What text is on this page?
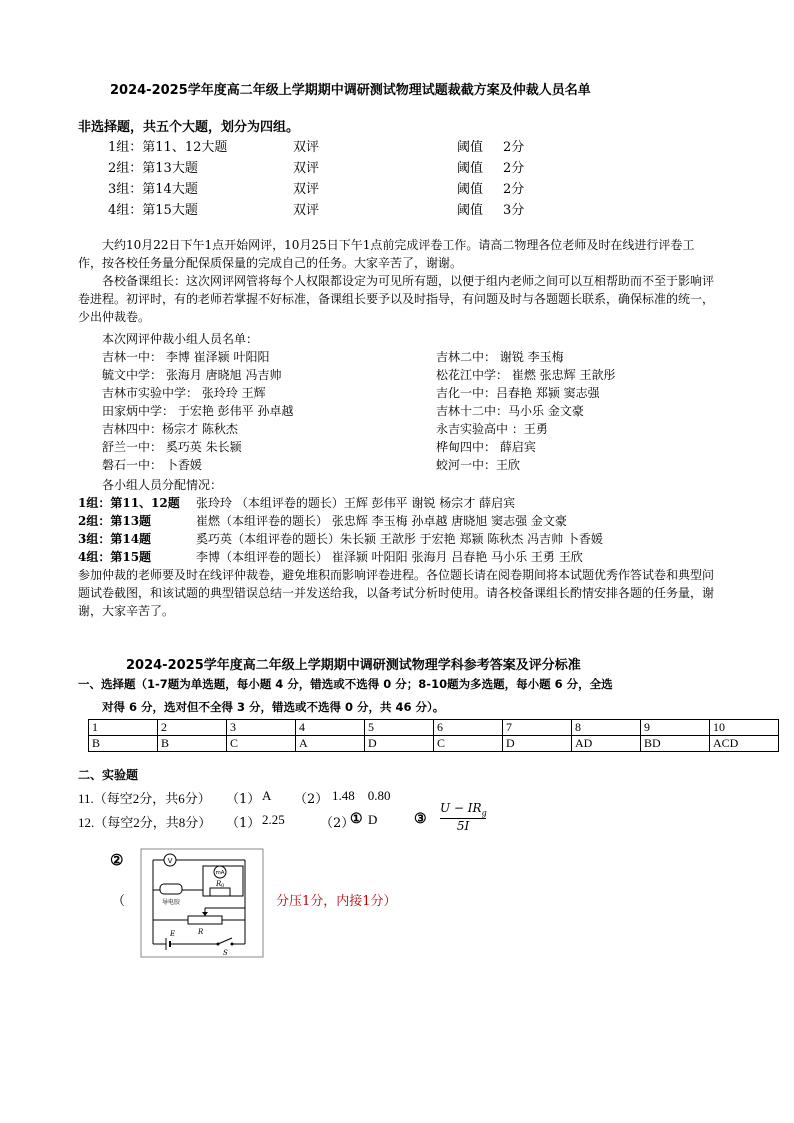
2024-2025学年度高二年级上学期期中调研测试物理试题裁截方案及仲裁人员名单
非选择题，共五个大题，划分为四组。
1组：第11、12大题	双评	阈值 2分
2组：第13大题	双评	阈值 2分
3组：第14大题	双评	阈值 2分
4组：第15大题	双评	阈值 3分
大约10月22日下午1点开始网评，10月25日下午1点前完成评卷工作。请高二物理各位老师及时在线进行评卷工作，按各校任务量分配保质保量的完成自己的任务。大家辛苦了，谢谢。
各校备课组长：这次网评网管将每个人权限都设定为可见所有题，以便于组内老师之间可以互相帮助而不至于影响评卷进程。初评时，有的老师若掌握不好标准，备课组长要予以及时指导，有问题及时与各题题长联系，确保标准的统一，少出仲裁卷。
本次网评仲裁小组人员名单：
吉林一中： 李博 崔泽颍 叶阳阳
毓文中学： 张海月 唐晓旭 冯吉帅
吉林市实验中学： 张玲玲 王辉
田家炳中学： 于宏艳 彭伟平 孙卓越
吉林四中：杨宗才 陈秋杰
舒兰一中： 奚巧英 朱长颍
磐石一中： 卜香媛
吉林二中： 谢锐 李玉梅
松花江中学： 崔燃 张忠辉 王歆彤
吉化一中：吕春艳 郑颍 窦志强
吉林十二中：马小乐 金文豪
永吉实验高中 ：王勇
桦甸四中： 薛启宾
蛟河一中：王欣
各小组人员分配情况：
1组：第11、12题 张玲玲 （本组评卷的题长）王辉 彭伟平 谢锐 杨宗才 薛启宾
2组：第13题	崔燃（本组评卷的题长） 张忠辉 李玉梅 孙卓越 唐晓旭 窦志强 金文豪
3组：第14题	奚巧英（本组评卷的题长）朱长颍 王歆彤 于宏艳 郑颍 陈秋杰 冯吉帅 卜香媛
4组：第15题	李博（本组评卷的题长） 崔泽颍 叶阳阳 张海月 吕春艳 马小乐 王勇 王欣
参加仲裁的老师要及时在线评仲裁卷，避免堆积而影响评卷进程。各位题长请在阅卷期间将本试题优秀作答试卷和典型问题试卷截图，和该试题的典型错误总结一并发送给我，以备考试分析时使用。请各校备课组长酌情安排各题的任务量，谢谢，大家辛苦了。
2024-2025学年度高二年级上学期期中调研测试物理学科参考答案及评分标准
一、选择题（1-7题为单选题，每小题 4 分，错选或不选得 0 分；8-10题为多选题，每小题 6 分，全选
对得 6 分，选对但不全得 3 分，错选或不选得 0 分，共 46 分）。
1	2	3	4	5	6	7	8	9	10
B	B	C	A	D	C	D	AD	BD	ACD
二、实验题
11.（每空2分，共6分） （1） A （2） 1.48    0.80
12.（每空2分，共8分） （1） 2.25	（2）
① D	③
$U - IR_g$
5I
②
（
V
mA
导电胶
R 0
R
E
S
分压1分，内接1分）
